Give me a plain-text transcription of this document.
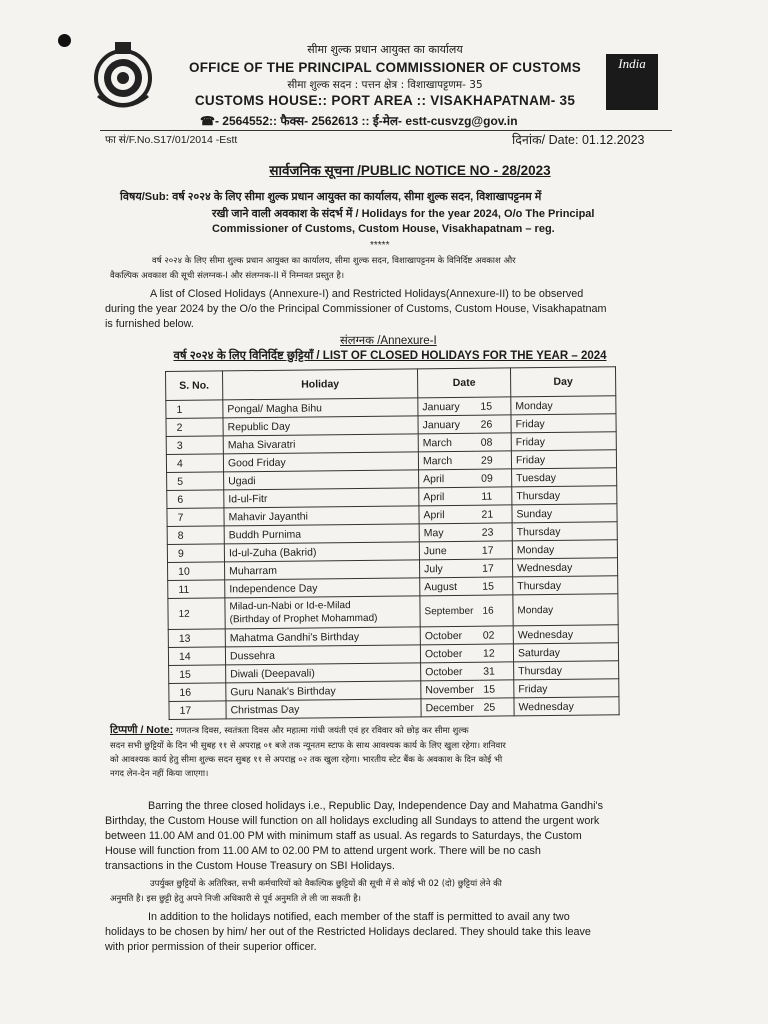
सीमा शुल्क प्रधान आयुक्त का कार्यालय
OFFICE OF THE PRINCIPAL COMMISSIONER OF CUSTOMS
सीमा शुल्क सदन : पत्तन क्षेत्र : विशाखापट्टणम- 35
CUSTOMS HOUSE:: PORT AREA :: VISAKHAPATNAM- 35
☎- 2564552:: फैक्स- 2562613 :: ई-मेल- estt-cusvzg@gov.in
India
फा सं/F.No.S17/01/2014 -Estt	दिनांक/ Date: 01.12.2023
सार्वजनिक सूचना /PUBLIC NOTICE NO - 28/2023
विषय/Sub: वर्ष २०२४ के लिए सीमा शुल्क प्रधान आयुक्त का कार्यालय, सीमा शुल्क सदन, विशाखापट्टनम में
रखी जाने वाली अवकाश के संदर्भ में / Holidays for the year 2024, O/o The Principal
Commissioner of Customs, Custom House, Visakhapatnam – reg.
*****
वर्ष २०२४ के लिए सीमा शुल्क प्रधान आयुक्त का कार्यालय, सीमा शुल्क सदन, विशाखापट्टनम के विनिर्दिष्ट अवकाश और
वैकल्पिक अवकाश की सूची संलग्नक-I और संलग्नक-II में निम्नवत प्रस्तुत है।
A list of Closed Holidays (Annexure-I) and Restricted Holidays(Annexure-II) to be observed
during the year 2024 by the O/o the Principal Commissioner of Customs, Custom House, Visakhapatnam
is furnished below.
संलग्नक /Annexure-I
वर्ष २०२४ के लिए विनिर्दिष्ट छुट्टियाँ / LIST OF CLOSED HOLIDAYS FOR THE YEAR – 2024
S. No.	Holiday	Date		Day
1	Pongal/ Magha Bihu	January	15	Monday
2	Republic Day	January	26	Friday
3	Maha Sivaratri	March	08	Friday
4	Good Friday	March	29	Friday
5	Ugadi	April	09	Tuesday
6	Id-ul-Fitr	April	11	Thursday
7	Mahavir Jayanthi	April	21	Sunday
8	Buddh Purnima	May	23	Thursday
9	Id-ul-Zuha (Bakrid)	June	17	Monday
10	Muharram	July	17	Wednesday
11	Independence Day	August	15	Thursday
12	Milad-un-Nabi or Id-e-Milad
(Birthday of Prophet Mohammad)	September	16	Monday
13	Mahatma Gandhi's Birthday	October	02	Wednesday
14	Dussehra	October	12	Saturday
15	Diwali (Deepavali)	October	31	Thursday
16	Guru Nanak's Birthday	November	15	Friday
17	Christmas Day	December	25	Wednesday
टिप्पणी / Note: गणतन्त्र दिवस, स्वतंत्रता दिवस और महात्मा गांधी जयंती एवं हर रविवार को छोड़ कर सीमा शुल्क
सदन सभी छुट्टियों के दिन भी सुबह ११ से अपराह्न ०१ बजे तक न्यूनतम स्टाफ के साथ आवश्यक कार्य के लिए खुला रहेगा। शनिवार
को आवश्यक कार्य हेतु सीमा शुल्क सदन सुबह ११ से अपराह्न ०२ तक खुला रहेगा। भारतीय स्टेट बैंक के अवकाश के दिन कोई भी
नगद लेन-देन नहीं किया जाएगा।
Barring the three closed holidays i.e., Republic Day, Independence Day and Mahatma Gandhi's
Birthday, the Custom House will function on all holidays excluding all Sundays to attend the urgent work
between 11.00 AM and 01.00 PM with minimum staff as usual. As regards to Saturdays, the Custom
House will function from 11.00 AM to 02.00 PM to attend urgent work. There will be no cash
transactions in the Custom House Treasury on SBI Holidays.
उपर्युक्त छुट्टियों के अतिरिक्त, सभी कर्मचारियों को वैकल्पिक छुट्टियों की सूची में से कोई भी 02 (दो) छुट्टियां लेने की
अनुमति है। इस छुट्टी हेतु अपने निजी अधिकारी से पूर्व अनुमति ले ली जा सकती है।
In addition to the holidays notified, each member of the staff is permitted to avail any two
holidays to be chosen by him/ her out of the Restricted Holidays declared. They should take this leave
with prior permission of their superior officer.
